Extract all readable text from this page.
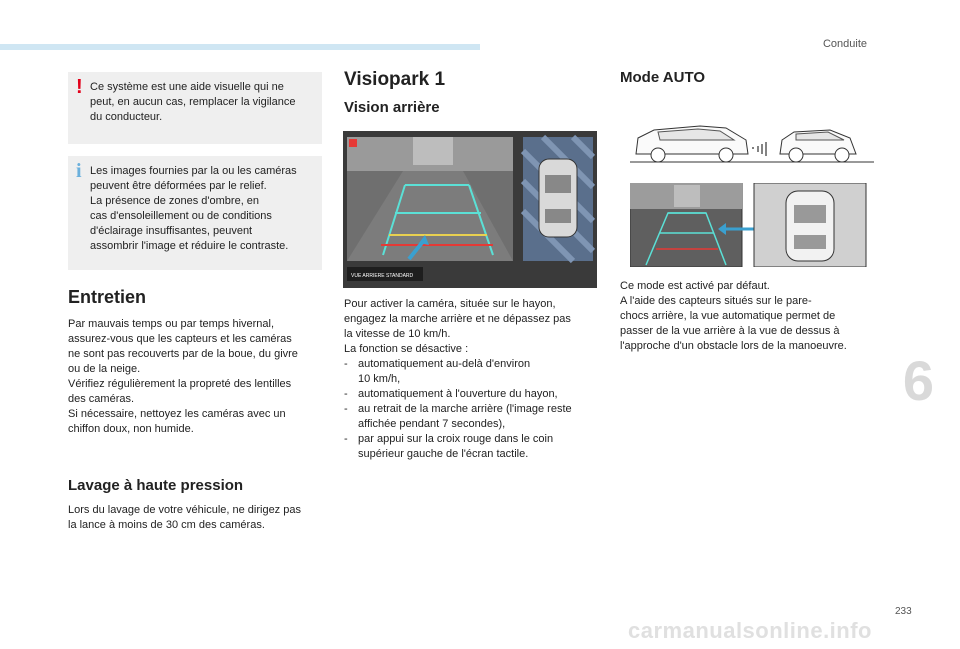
Conduite
! Ce système est une aide visuelle qui ne
peut, en aucun cas, remplacer la vigilance
du conducteur.
i Les images fournies par la ou les caméras
peuvent être déformées par le relief.
La présence de zones d'ombre, en
cas d'ensoleillement ou de conditions
d'éclairage insuffisantes, peuvent
assombrir l'image et réduire le contraste.
Entretien
Par mauvais temps ou par temps hivernal,
assurez-vous que les capteurs et les caméras
ne sont pas recouverts par de la boue, du givre
ou de la neige.
Vérifiez régulièrement la propreté des lentilles
des caméras.
Si nécessaire, nettoyez les caméras avec un
chiffon doux, non humide.
Lavage à haute pression
Lors du lavage de votre véhicule, ne dirigez pas
la lance à moins de 30 cm des caméras.
Visiopark 1
Vision arrière
VUE ARRIERE STANDARD
Pour activer la caméra, située sur le hayon,
engagez la marche arrière et ne dépassez pas
la vitesse de 10 km/h.
La fonction se désactive :
- automatiquement au-delà d'environ
10 km/h,
- automatiquement à l'ouverture du hayon,
- au retrait de la marche arrière (l'image reste
affichée pendant 7 secondes),
- par appui sur la croix rouge dans le coin
supérieur gauche de l'écran tactile.
Mode AUTO
Ce mode est activé par défaut.
A l'aide des capteurs situés sur le pare-
chocs arrière, la vue automatique permet de
passer de la vue arrière à la vue de dessus à
l'approche d'un obstacle lors de la manoeuvre.
6
233
carmanualsonline.info
